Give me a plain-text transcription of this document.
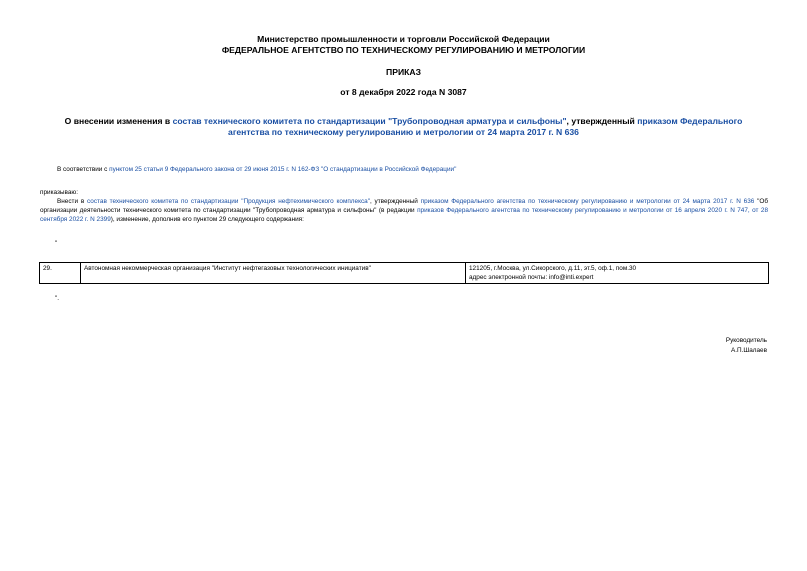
Министерство промышленности и торговли Российской Федерации
ФЕДЕРАЛЬНОЕ АГЕНТСТВО ПО ТЕХНИЧЕСКОМУ РЕГУЛИРОВАНИЮ И МЕТРОЛОГИИ
ПРИКАЗ
от 8 декабря 2022 года N 3087
О внесении изменения в состав технического комитета по стандартизации "Трубопроводная арматура и сильфоны", утвержденный приказом Федерального агентства по техническому регулированию и метрологии от 24 марта 2017 г. N 636
В соответствии с пунктом 25 статьи 9 Федерального закона от 29 июня 2015 г. N 162-ФЗ "О стандартизации в Российской Федерации"
приказываю:
Внести в состав технического комитета по стандартизации "Продукция нефтехимического комплекса", утвержденный приказом Федерального агентства по техническому регулированию и метрологии от 24 марта 2017 г. N 636 "Об организации деятельности технического комитета по стандартизации "Трубопроводная арматура и сильфоны" (в редакции приказов Федерального агентства по техническому регулированию и метрологии от 16 апреля 2020 г. N 747, от 28 сентября 2022 г. N 2399), изменение, дополнив его пунктом 29 следующего содержания:
"
29.	Автономная некоммерческая организация "Институт нефтегазовых технологических инициатив"	121205, г.Москва, ул.Сикорского, д.11, эт.5, оф.1, пом.30
адрес электронной почты: info@inti.expert
".
Руководитель
А.П.Шалаев
